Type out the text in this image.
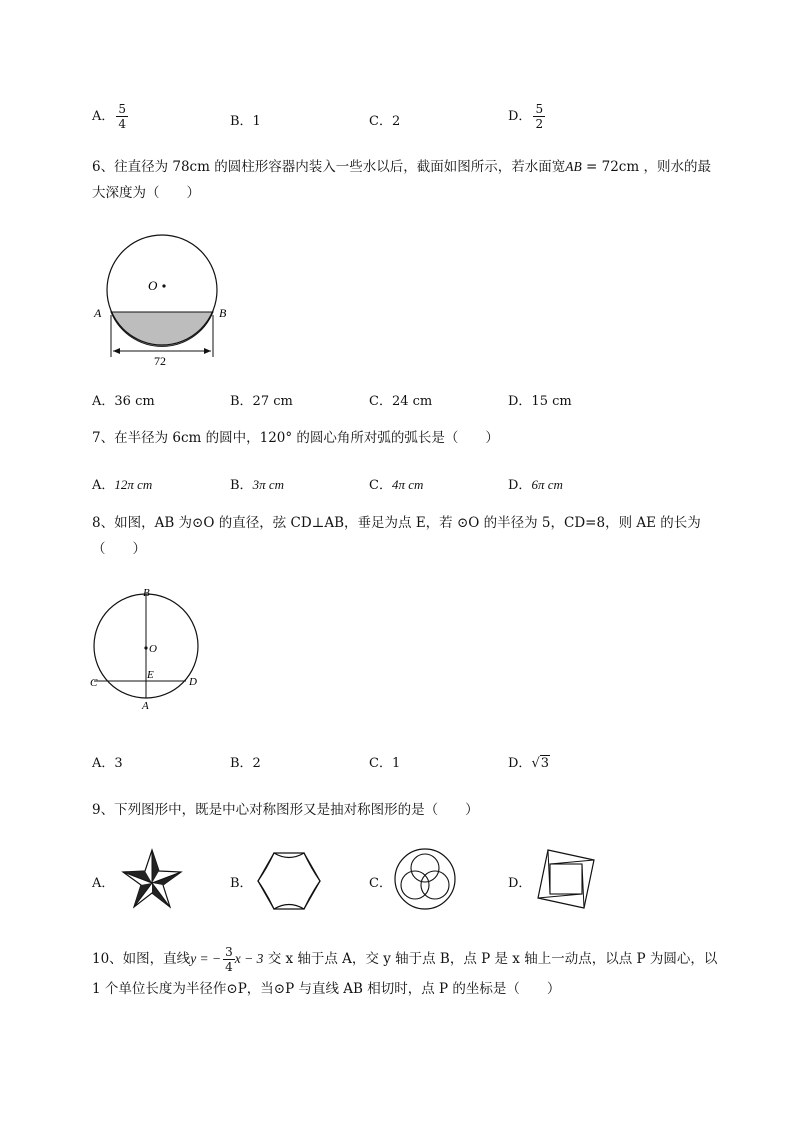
A． $\frac{5}{4}$	B．1	C．2	D． $\frac{5}{2}$
6、往直径为 78cm 的圆柱形容器内装入一些水以后，截面如图所示，若水面宽AB = 72cm ，则水的最
大深度为（　　）
O
A	B
72
A．36 cm	B．27 cm	C．24 cm	D．15 cm
7、在半径为 6cm 的圆中，120° 的圆心角所对弧的弧长是（　　）
A．12π cm	B．3π cm	C．4π cm	D．6π cm
8、如图，AB 为⊙O 的直径，弦 CD⊥AB，垂足为点 E，若 ⊙O 的半径为 5，CD=8，则 AE 的长为
（　　）
B
O
E
C	D
A
A．3	B．2	C．1	D．√3
9、下列图形中，既是中心对称图形又是抽对称图形的是（　　）
A．	B．	C．	D．
10、如图，直线y = − $\frac{3}{4}$ x − 3 交 x 轴于点 A，交 y 轴于点 B，点 P 是 x 轴上一动点，以点 P 为圆心，以
1 个单位长度为半径作⊙P，当⊙P 与直线 AB 相切时，点 P 的坐标是（　　）
